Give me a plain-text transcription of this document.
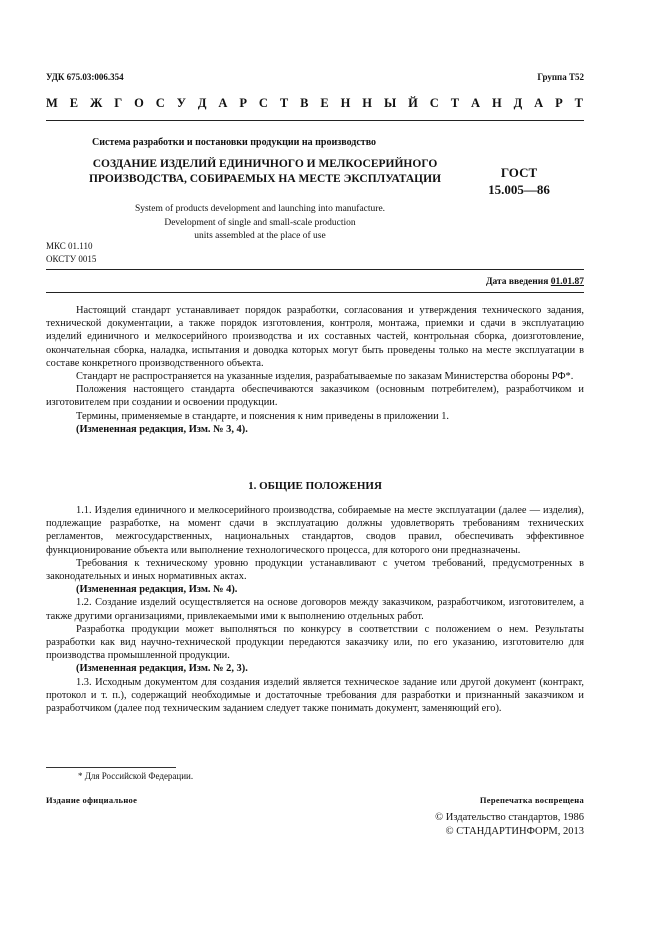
УДК 675.03:006.354	Группа Т52
М Е Ж Г О С У Д А Р С Т В Е Н Н Ы Й С Т А Н Д А Р Т
Система разработки и постановки продукции на производство
СОЗДАНИЕ ИЗДЕЛИЙ ЕДИНИЧНОГО И МЕЛКОСЕРИЙНОГО
ПРОИЗВОДСТВА, СОБИРАЕМЫХ НА МЕСТЕ ЭКСПЛУАТАЦИИ	ГОСТ
15.005—86
System of products development and launching into manufacture.
Development of single and small-scale production
units assembled at the place of use
МКС 01.110
ОКСТУ 0015
Дата введения 01.01.87

Настоящий стандарт устанавливает порядок разработки, согласования и утверждения технического задания, технической документации, а также порядок изготовления, контроля, монтажа, приемки и сдачи в эксплуатацию изделий единичного и мелкосерийного производства и их составных частей, контрольная сборка, доизготовление, окончательная сборка, наладка, испытания и доводка которых могут быть проведены только на месте эксплуатации в составе конкретного производственного объекта.

Стандарт не распространяется на указанные изделия, разрабатываемые по заказам Министерства обороны РФ*.

Положения настоящего стандарта обеспечиваются заказчиком (основным потребителем), разработчиком и изготовителем при создании и освоении продукции.

Термины, применяемые в стандарте, и пояснения к ним приведены в приложении 1.

(Измененная редакция, Изм. № 3, 4).

1. ОБЩИЕ ПОЛОЖЕНИЯ

1.1. Изделия единичного и мелкосерийного производства, собираемые на месте эксплуатации (далее — изделия), подлежащие разработке, на момент сдачи в эксплуатацию должны удовлетворять требованиям технических регламентов, межгосударственных, национальных стандартов, сводов правил, обеспечивать эффективное функционирование объекта или выполнение технологического процесса, для которого они предназначены.

Требования к техническому уровню продукции устанавливают с учетом требований, предусмотренных в законодательных и иных нормативных актах.

(Измененная редакция, Изм. № 4).

1.2. Создание изделий осуществляется на основе договоров между заказчиком, разработчиком, изготовителем, а также другими организациями, привлекаемыми ими к выполнению отдельных работ.

Разработка продукции может выполняться по конкурсу в соответствии с положением о нем. Результаты разработки как вид научно-технической продукции передаются заказчику или, по его указанию, изготовителю для производства промышленной продукции.

(Измененная редакция, Изм. № 2, 3).

1.3. Исходным документом для создания изделий является техническое задание или другой документ (контракт, протокол и т. п.), содержащий необходимые и достаточные требования для разработки и признанный заказчиком и разработчиком (далее под техническим заданием следует также понимать документ, заменяющий его).

* Для Российской Федерации.
Издание официальное	Перепечатка воспрещена
© Издательство стандартов, 1986
© СТАНДАРТИНФОРМ, 2013
